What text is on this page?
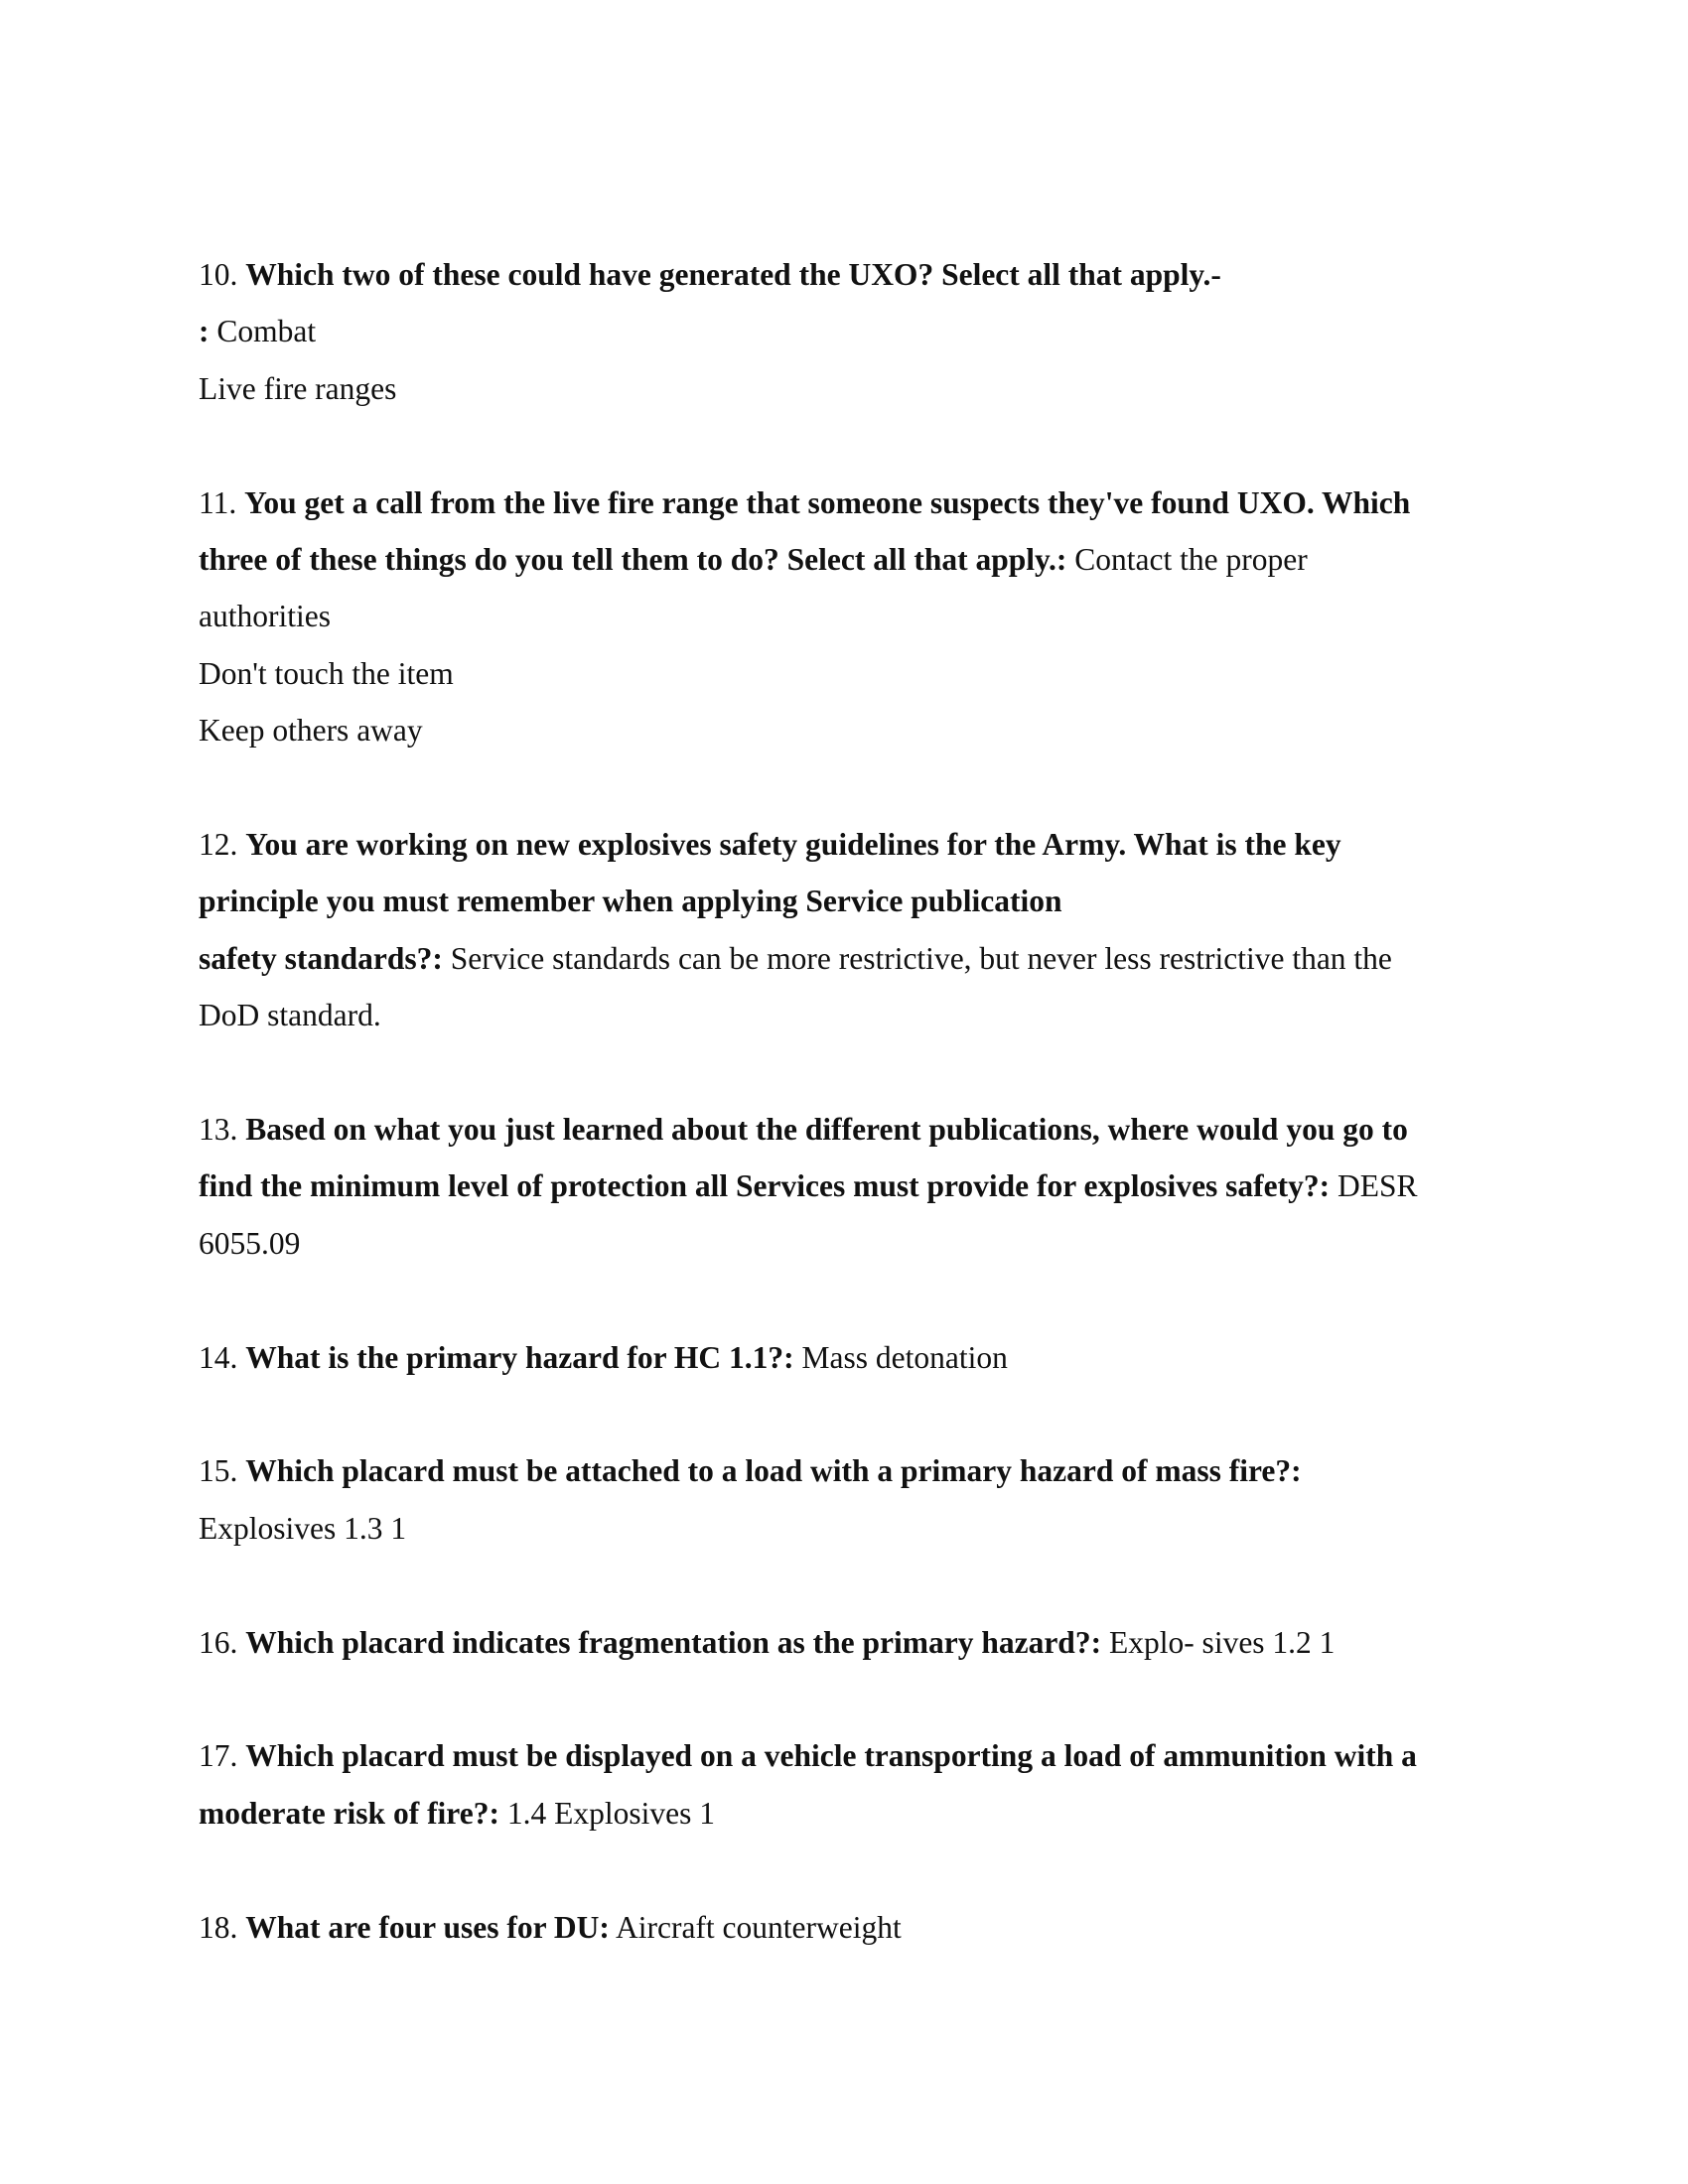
10. Which two of these could have generated the UXO? Select all that apply.-
: Combat
Live fire ranges
11. You get a call from the live fire range that someone suspects they've found UXO. Which
three of these things do you tell them to do? Select all that apply.: Contact the proper
authorities
Don't touch the item
Keep others away
12. You are working on new explosives safety guidelines for the Army. What is the key
principle you must remember when applying Service publication
safety standards?: Service standards can be more restrictive, but never less restrictive than the
DoD standard.
13. Based on what you just learned about the different publications, where would you go to
find the minimum level of protection all Services must provide for explosives safety?: DESR
6055.09
14. What is the primary hazard for HC 1.1?: Mass detonation
15. Which placard must be attached to a load with a primary hazard of mass fire?:
Explosives 1.3 1
16. Which placard indicates fragmentation as the primary hazard?: Explo- sives 1.2 1
17. Which placard must be displayed on a vehicle transporting a load of ammunition with a
moderate risk of fire?: 1.4 Explosives 1
18. What are four uses for DU: Aircraft counterweight
